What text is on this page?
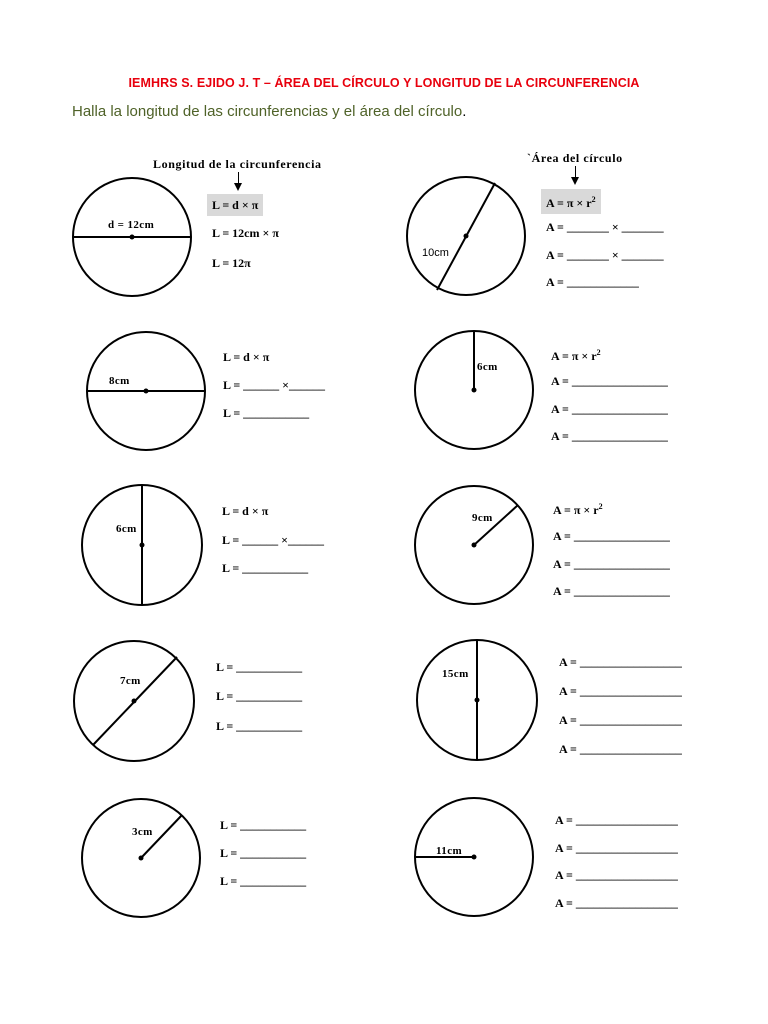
IEMHRS S. EJIDO J. T – ÁREA DEL CÍRCULO Y LONGITUD DE LA CIRCUNFERENCIA
Halla la longitud de las circunferencias y el área del círculo.
Longitud de la circunferencia	`Área del círculo
d = 12cm
8cm
6cm
7cm
3cm
10cm
6cm
9cm
15cm
11cm
L = d × π
L = 12cm × π
L = 12π
L = d × π
L = ______ ×______
L = ___________
L = d × π
L = ______ ×______
L = ___________
L = ___________
L = ___________
L = ___________
L = ___________
L = ___________
L = ___________
$A = \pi \times r^2$
A = _______ × _______
A = _______ × _______
A = ____________
$A = \pi \times r^2$
A = ________________
A = ________________
A = ________________
$A = \pi \times r^2$
A = ________________
A = ________________
A = ________________
A = _________________
A = _________________
A = _________________
A = _________________
A = _________________
A = _________________
A = _________________
A = _________________
